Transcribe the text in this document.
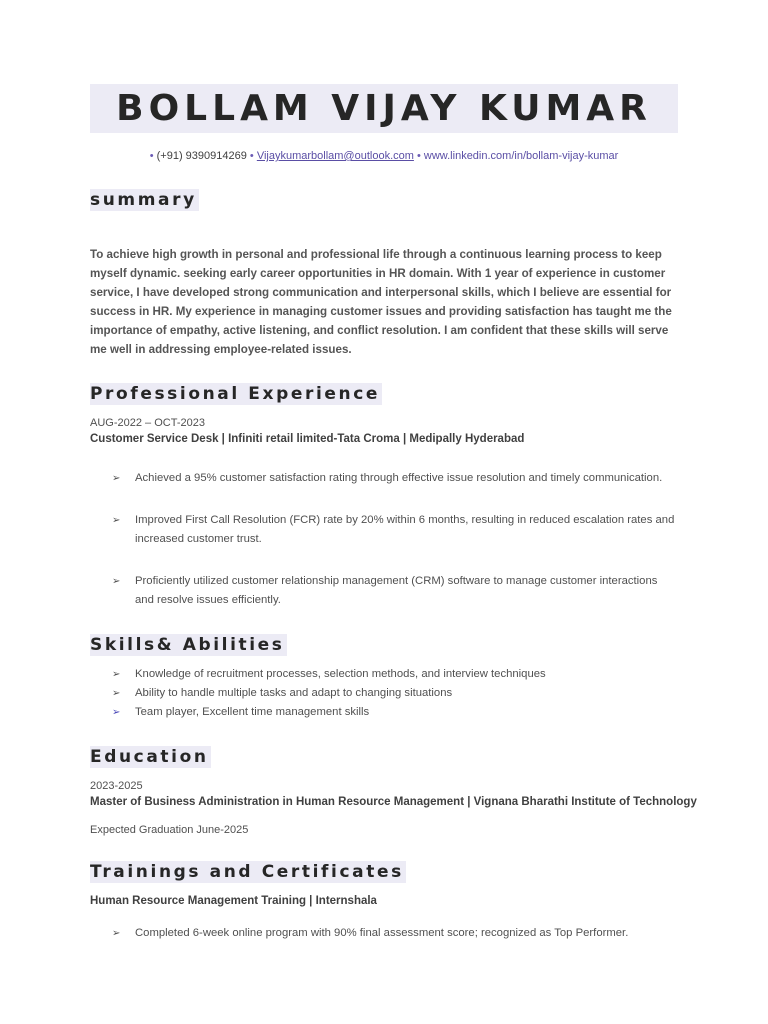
BOLLAM VIJAY KUMAR
• (+91) 9390914269 • Vijaykumarbollam@outlook.com • www.linkedin.com/in/bollam-vijay-kumar
summary
To achieve high growth in personal and professional life through a continuous learning process to keep myself dynamic. seeking early career opportunities in HR domain. With 1 year of experience in customer service, I have developed strong communication and interpersonal skills, which I believe are essential for success in HR. My experience in managing customer issues and providing satisfaction has taught me the importance of empathy, active listening, and conflict resolution. I am confident that these skills will serve me well in addressing employee-related issues.
Professional Experience
AUG-2022 – OCT-2023
Customer Service Desk | Infiniti retail limited-Tata Croma | Medipally Hyderabad
➢ Achieved a 95% customer satisfaction rating through effective issue resolution and timely communication.
➢ Improved First Call Resolution (FCR) rate by 20% within 6 months, resulting in reduced escalation rates and increased customer trust.
➢ Proficiently utilized customer relationship management (CRM) software to manage customer interactions and resolve issues efficiently.
Skills& Abilities
➢ Knowledge of recruitment processes, selection methods, and interview techniques
➢ Ability to handle multiple tasks and adapt to changing situations
➢ Team player, Excellent time management skills
Education
2023-2025
Master of Business Administration in Human Resource Management | Vignana Bharathi Institute of Technology
Expected Graduation June-2025
Trainings and Certificates
Human Resource Management Training | Internshala
➢ Completed 6-week online program with 90% final assessment score; recognized as Top Performer.
